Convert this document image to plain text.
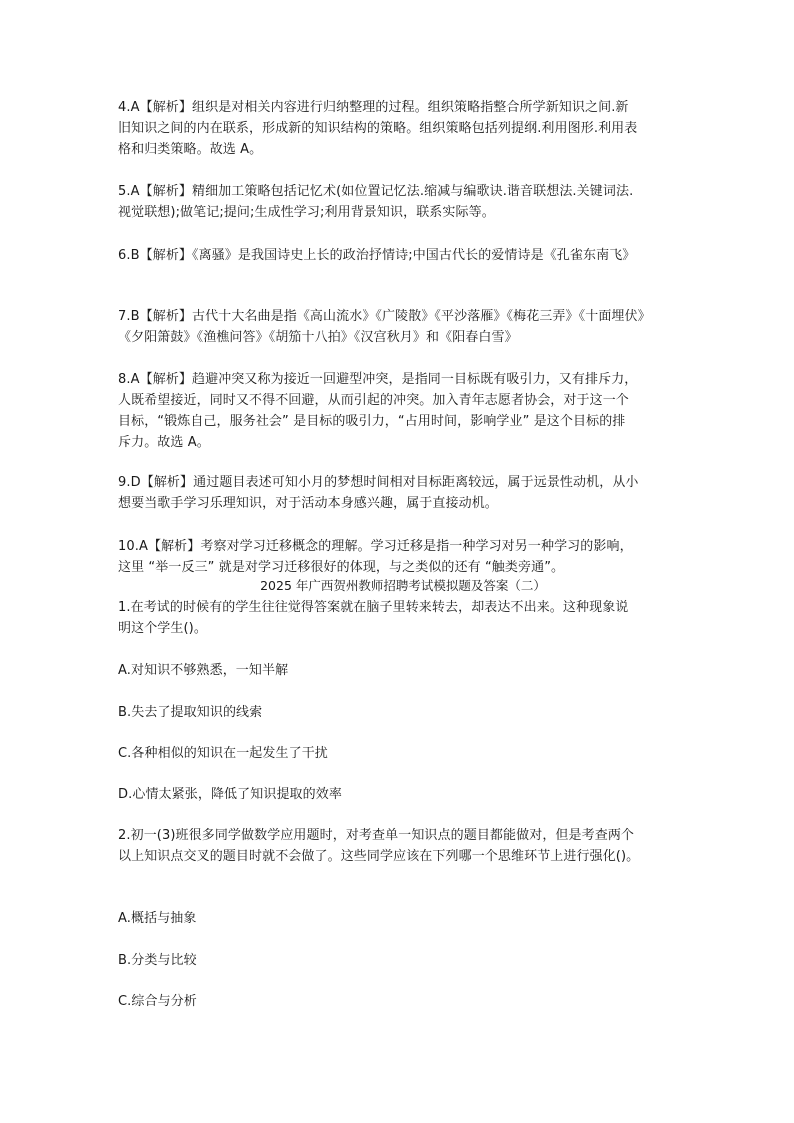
4.A【解析】组织是对相关内容进行归纳整理的过程。组织策略指整合所学新知识之间.新
旧知识之间的内在联系，形成新的知识结构的策略。组织策略包括列提纲.利用图形.利用表
格和归类策略。故选 A。
5.A【解析】精细加工策略包括记忆术(如位置记忆法.缩减与编歌诀.谐音联想法.关键词法.
视觉联想);做笔记;提问;生成性学习;利用背景知识，联系实际等。
6.B【解析】《离骚》是我国诗史上长的政治抒情诗;中国古代长的爱情诗是《孔雀东南飞》
7.B【解析】古代十大名曲是指《高山流水》《广陵散》《平沙落雁》《梅花三弄》《十面埋伏》
《夕阳箫鼓》《渔樵问答》《胡笳十八拍》《汉宫秋月》和《阳春白雪》
8.A【解析】趋避冲突又称为接近一回避型冲突，是指同一目标既有吸引力，又有排斥力，
人既希望接近，同时又不得不回避，从而引起的冲突。加入青年志愿者协会，对于这一个
目标，“锻炼自己，服务社会” 是目标的吸引力，“占用时间，影响学业” 是这个目标的排
斥力。故选 A。
9.D【解析】通过题目表述可知小月的梦想时间相对目标距离较远，属于远景性动机，从小
想要当歌手学习乐理知识，对于活动本身感兴趣，属于直接动机。
10.A【解析】考察对学习迁移概念的理解。学习迁移是指一种学习对另一种学习的影响，
这里 “举一反三” 就是对学习迁移很好的体现，与之类似的还有 “触类旁通”。
2025 年广西贺州教师招聘考试模拟题及答案（二）
1.在考试的时候有的学生往往觉得答案就在脑子里转来转去，却表达不出来。这种现象说
明这个学生()。
A.对知识不够熟悉，一知半解
B.失去了提取知识的线索
C.各种相似的知识在一起发生了干扰
D.心情太紧张，降低了知识提取的效率
2.初一(3)班很多同学做数学应用题时，对考查单一知识点的题目都能做对，但是考查两个
以上知识点交叉的题目时就不会做了。这些同学应该在下列哪一个思维环节上进行强化()。
A.概括与抽象
B.分类与比较
C.综合与分析
